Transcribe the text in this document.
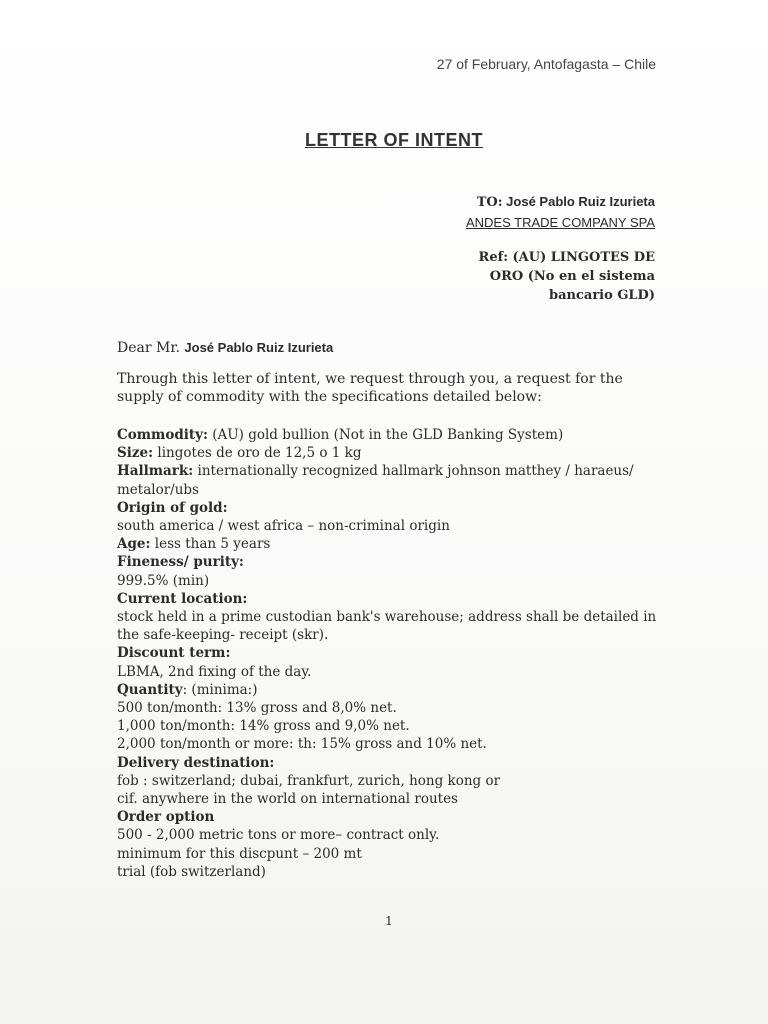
27 of February, Antofagasta – Chile
LETTER OF INTENT
TO: José Pablo Ruiz Izurieta
ANDES TRADE COMPANY SPA
Ref: (AU) LINGOTES DE
ORO (No en el sistema
bancario GLD)
Dear Mr. José Pablo Ruiz Izurieta
Through this letter of intent, we request through you, a request for the supply of commodity with the specifications detailed below:
Commodity: (AU) gold bullion (Not in the GLD Banking System)
Size: lingotes de oro de 12,5 o 1 kg
Hallmark: internationally recognized hallmark johnson matthey / haraeus/ metalor/ubs
Origin of gold:
south america / west africa – non-criminal origin
Age: less than 5 years
Fineness/ purity:
999.5% (min)
Current location:
stock held in a prime custodian bank's warehouse; address shall be detailed in the safe-keeping- receipt (skr).
Discount term:
LBMA, 2nd fixing of the day.
Quantity: (minima:)
500 ton/month: 13% gross and 8,0% net.
1,000 ton/month: 14% gross and 9,0% net.
2,000 ton/month or more: th: 15% gross and 10% net.
Delivery destination:
fob : switzerland; dubai, frankfurt, zurich, hong kong or
cif. anywhere in the world on international routes
Order option
500 - 2,000 metric tons or more– contract only.
minimum for this discpunt – 200 mt
trial (fob switzerland)
1
